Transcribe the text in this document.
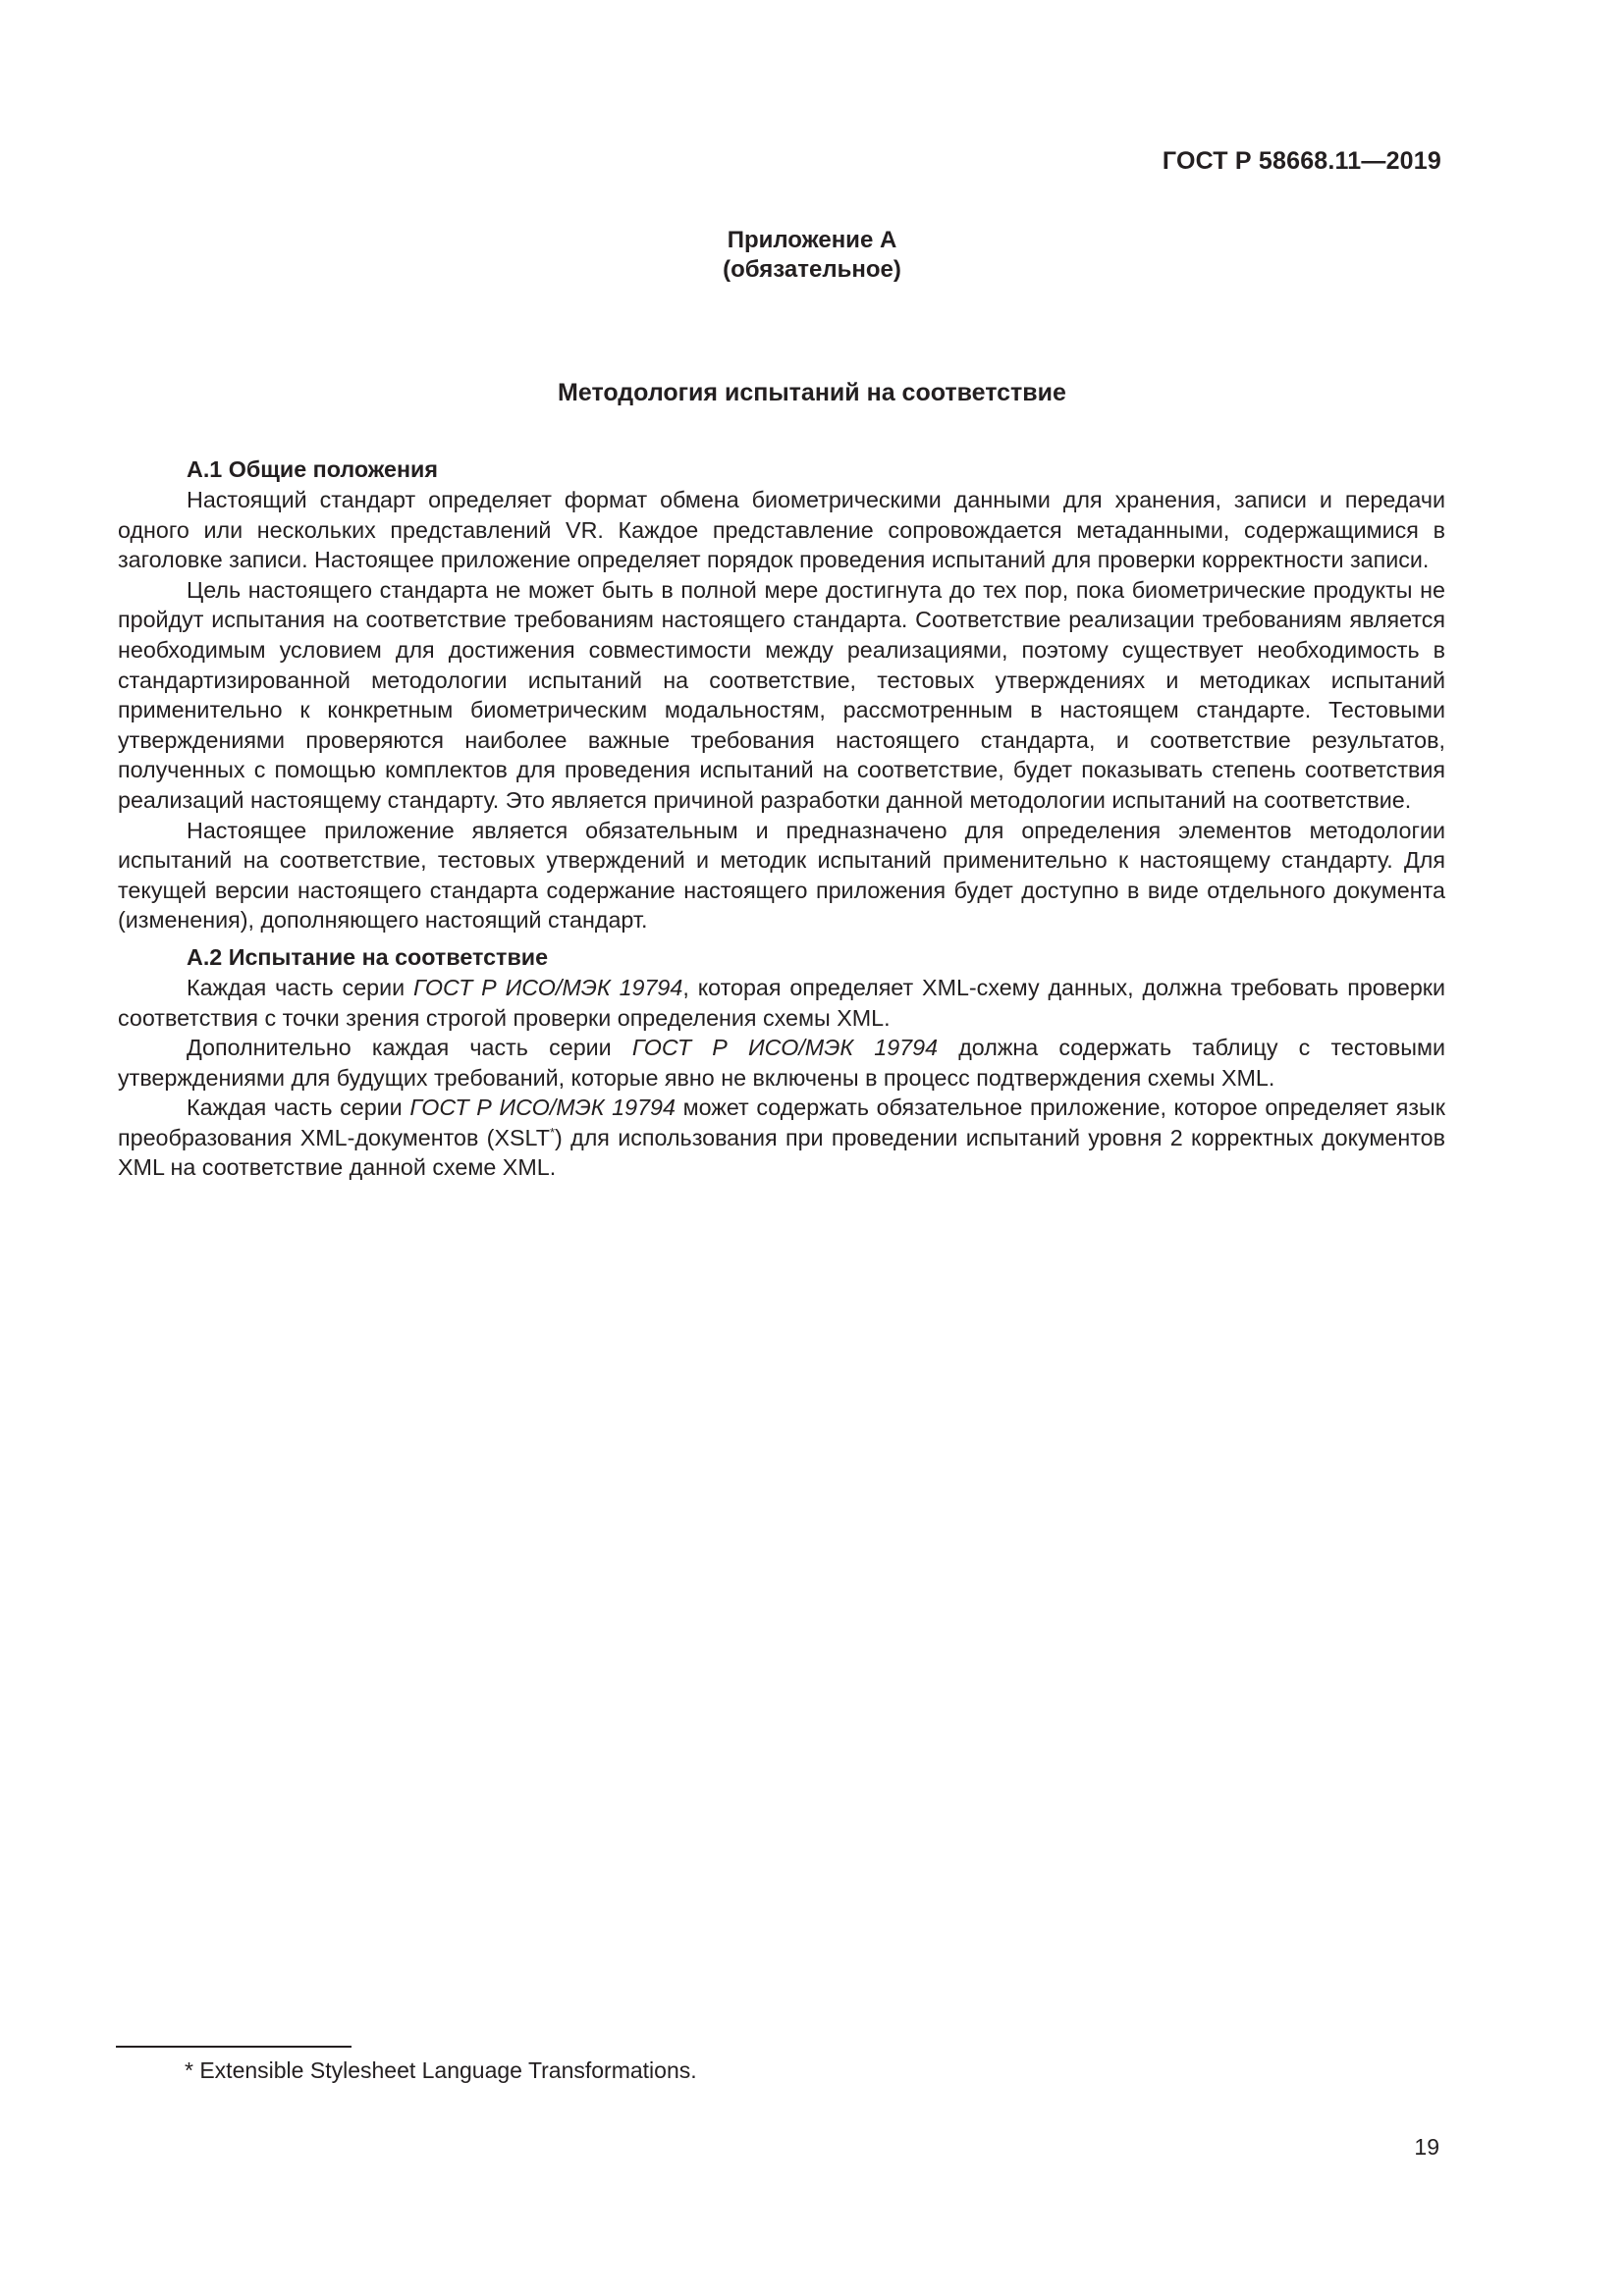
ГОСТ Р 58668.11—2019
Приложение А
(обязательное)
Методология испытаний на соответствие
А.1 Общие положения

Настоящий стандарт определяет формат обмена биометрическими данными для хранения, записи и передачи одного или нескольких представлений VR. Каждое представление сопровождается метаданными, содержащимися в заголовке записи. Настоящее приложение определяет порядок проведения испытаний для проверки корректности записи.

Цель настоящего стандарта не может быть в полной мере достигнута до тех пор, пока биометрические продукты не пройдут испытания на соответствие требованиям настоящего стандарта. Соответствие реализации требованиям является необходимым условием для достижения совместимости между реализациями, поэтому существует необходимость в стандартизированной методологии испытаний на соответствие, тестовых утверждениях и методиках испытаний применительно к конкретным биометрическим модальностям, рассмотренным в настоящем стандарте. Тестовыми утверждениями проверяются наиболее важные требования настоящего стандарта, и соответствие результатов, полученных с помощью комплектов для проведения испытаний на соответствие, будет показывать степень соответствия реализаций настоящему стандарту. Это является причиной разработки данной методологии испытаний на соответствие.

Настоящее приложение является обязательным и предназначено для определения элементов методологии испытаний на соответствие, тестовых утверждений и методик испытаний применительно к настоящему стандарту. Для текущей версии настоящего стандарта содержание настоящего приложения будет доступно в виде отдельного документа (изменения), дополняющего настоящий стандарт.

А.2 Испытание на соответствие

Каждая часть серии ГОСТ Р ИСО/МЭК 19794, которая определяет XML-схему данных, должна требовать проверки соответствия с точки зрения строгой проверки определения схемы XML.

Дополнительно каждая часть серии ГОСТ Р ИСО/МЭК 19794 должна содержать таблицу с тестовыми утверждениями для будущих требований, которые явно не включены в процесс подтверждения схемы XML.

Каждая часть серии ГОСТ Р ИСО/МЭК 19794 может содержать обязательное приложение, которое определяет язык преобразования XML-документов (XSLT*) для использования при проведении испытаний уровня 2 корректных документов XML на соответствие данной схеме XML.

* Extensible Stylesheet Language Transformations.
19
